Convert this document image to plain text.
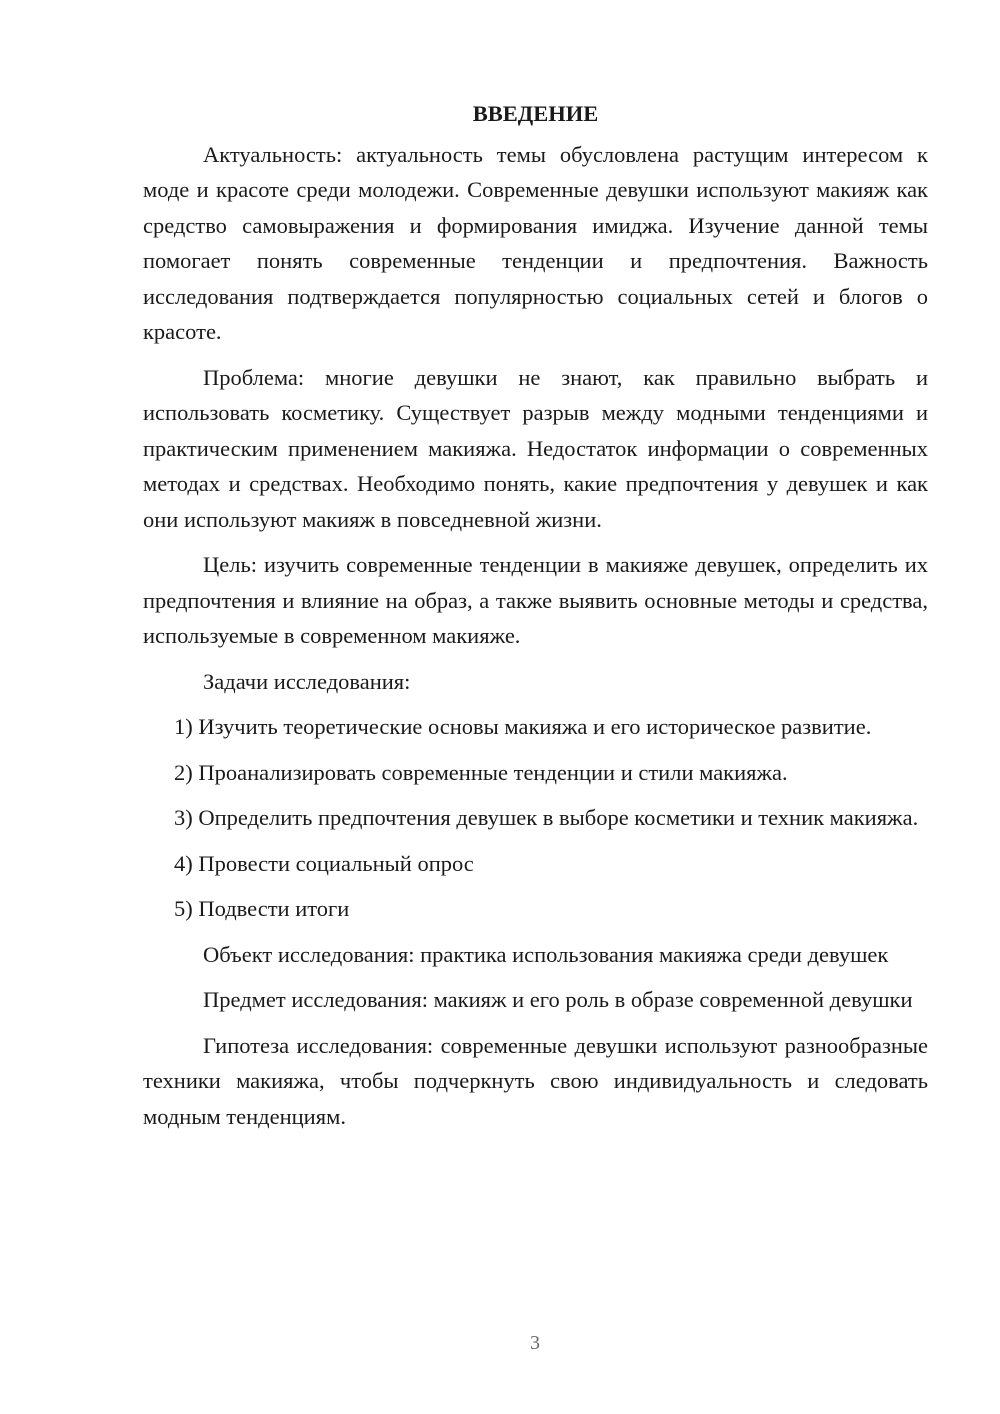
ВВЕДЕНИЕ

Актуальность: актуальность темы обусловлена растущим интересом к моде и красоте среди молодежи. Современные девушки используют макияж как средство самовыражения и формирования имиджа. Изучение данной темы помогает понять современные тенденции и предпочтения. Важность исследования подтверждается популярностью социальных сетей и блогов о красоте.

Проблема: многие девушки не знают, как правильно выбрать и использовать косметику. Существует разрыв между модными тенденциями и практическим применением макияжа. Недостаток информации о современных методах и средствах. Необходимо понять, какие предпочтения у девушек и как они используют макияж в повседневной жизни.

Цель: изучить современные тенденции в макияже девушек, определить их предпочтения и влияние на образ, а также выявить основные методы и средства, используемые в современном макияже.

Задачи исследования:

1) Изучить теоретические основы макияжа и его историческое развитие.

2) Проанализировать современные тенденции и стили макияжа.

3) Определить предпочтения девушек в выборе косметики и техник макияжа.

4) Провести социальный опрос

5) Подвести итоги

Объект исследования: практика использования макияжа среди девушек

Предмет исследования: макияж и его роль в образе современной девушки

Гипотеза исследования: современные девушки используют разнообразные техники макияжа, чтобы подчеркнуть свою индивидуальность и следовать модным тенденциям.

3
